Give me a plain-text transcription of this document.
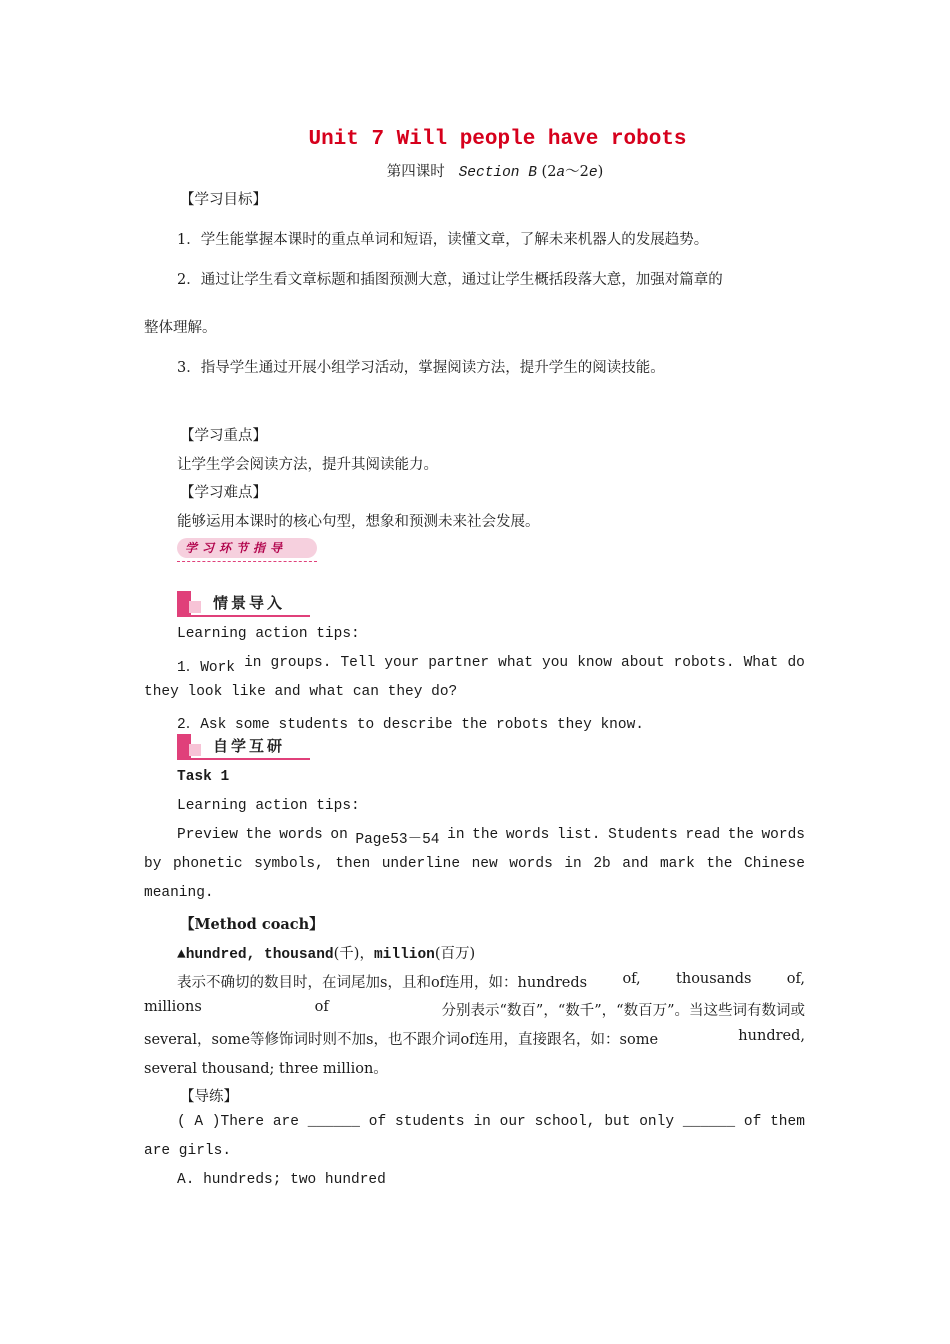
Unit 7 Will people have robots
第四课时 Section B (2a～2e)
【学习目标】
1．学生能掌握本课时的重点单词和短语，读懂文章，了解未来机器人的发展趋势。
2．通过让学生看文章标题和插图预测大意，通过让学生概括段落大意，加强对篇章的
整体理解。
3．指导学生通过开展小组学习活动，掌握阅读方法，提升学生的阅读技能。
【学习重点】
让学生学会阅读方法，提升其阅读能力。
【学习难点】
能够运用本课时的核心句型，想象和预测未来社会发展。
学习环节指导
情景导入
Learning action tips:
1．Work in groups. Tell your partner what you know about robots. What do
they look like and what can they do?
2．Ask some students to describe the robots they know.
自学互研
Task 1
Learning action tips:
Preview the words on Page53－54 in the words list. Students read the words
by phonetic symbols, then underline new words in 2b and mark the Chinese
meaning.
【Method coach】
▲hundred, thousand(千)，million(百万)
表示不确切的数目时，在词尾加s，且和of连用，如：hundreds of, thousands of,
millions	of	分别表示“数百”，“数千”，“数百万”。当这些词有数词或
several，some等修饰词时则不加s，也不跟介词of连用，直接跟名，如：some	hundred,
several thousand; three million。
【导练】
( A )There are ______ of students in our school, but only ______ of them
are girls.
A. hundreds; two hundred
